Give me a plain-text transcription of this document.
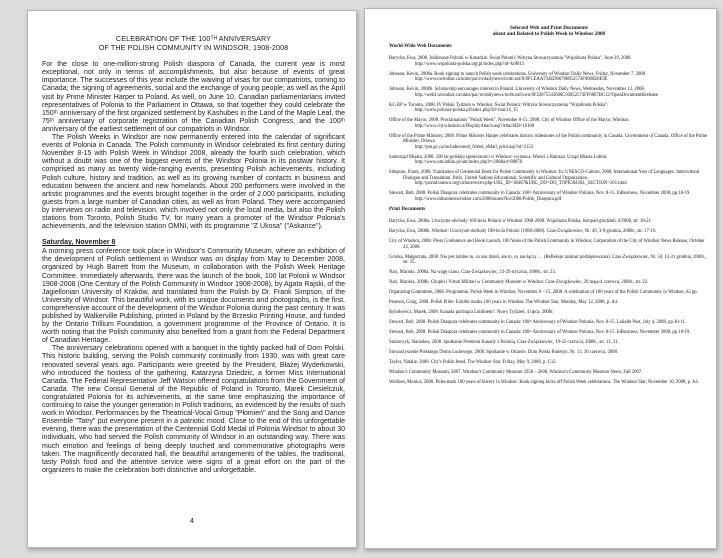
CELEBRATION OF THE 100ᵀᴴ ANNIVERSARY
OF THE POLISH COMMUNITY IN WINDSOR, 1908-2008
For the close to one-million-strong Polish diaspora of Canada, the current year is most exceptional, not only in terms of accomplishments, but also because of events of great importance. The successes of this year include the waiving of visas for our compatriots, coming to Canada; the signing of agreements, social and the exchange of young people; as well as the April visit by Prime Minister Harper to Poland. As well, on June 10, Canadian parliamentarians invited representatives of Polonia to the Parliament in Ottawa, so that together they could celebrate the 150ᵗʰ anniversary of the first organized settlement by Kashubes in the Land of the Maple Leaf, the 75ᵗʰ anniversary of corporate registration of the Canadian Polish Congress, and the 100ᵗʰ anniversary of the earliest settlement of our compatriots in Windsor.
The Polish Weeks in Windsor are now permanently entered into the calendar of significant events of Polonia in Canada. The Polish community in Windsor celebrated its first century during November 8-15 with Polish Week in Windsor 2008, already the fourth such celebration, which without a doubt was one of the biggest events of the Windsor Polonia in its postwar history. It comprised as many as twenty wide-ranging events, presenting Polish achievements, including Polish culture, history and tradition, as well as its growing number of contacts in business and education between the ancient and new homelands. About 200 performers were involved in the artistic programmes and the events brought together in the order of 2,000 participants, including guests from a large number of Canadian cities, as well as from Poland. They were accompanied by interviews on radio and television, which involved not only the local media, but also the Polish stations from Toronto, Polish Studio TV, for many years a promoter of the Windsor Polonia's achievements, and the television station OMNI, with its programme "Z Ukosa" ("Askance").
Saturday, November 8
A morning press conference took place in Windsor's Community Museum, where an exhibition of the development of Polish settlement in Windsor was on display from May to December 2008, organized by Hugh Barrett from the Museum, in collaboration with the Polish Week Heritage Committee. Immediately afterwards, there was the launch of the book, 100 lat Polonii w Windsor 1908-2008 (One Century of the Polish Community in Windsor 1908-2008), by Agata Rajski, of the Jagiellonian University of Kraków, and translated from the Polish by Dr. Frank Simpson, of the University of Windsor. This beautiful work, with its unique documents and photographs, is the first, comprehensive account of the development of the Windsor Polonia during the past century. It was published by Walkerville Publishing, printed in Poland by the Brzesko Printing House, and funded by the Ontario Trillium Foundation, a government programme of the Province of Ontario. It is worth noting that the Polish community also benefited from a grant from the Federal Department of Canadian Heritage.
The anniversary celebrations opened with a banquet in the tightly packed hall of Dom Polski. This historic building, serving the Polish community continually from 1930, was with great care renovated several years ago. Participants were greeted by the President, Błażej Wyderkowski, who introduced the hostess of the gathering, Katarzyna Dziedzic, a former Miss International Canada. The Federal Representative Jeff Watson offered congratulations from the Government of Canada. The new Consul General of the Republic of Poland in Toronto, Marek Ciesielczuk, congratulated Polonia for its achievements, at the same time emphasizing the importance of continuing to raise the younger generation in Polish traditions, as evidenced by the results of such work in Windsor. Performances by the Theatrical-Vocal Group "Płomień" and the Song and Dance Ensemble "Tatry" put everyone present in a patriotic mood. Close to the end of this unforgettable evening, there was the presentation of the Centennial Gold Medal of Polonia Windsor to about 30 individuals, who had served the Polish community of Windsor in an outstanding way. There was much emotion and feelings of being deeply touched and commemorative photographs were taken. The magnificently decorated hall, the beautiful arrangements of the tables, the traditional, tasty Polish food and the attentive service were signs of a great effort on the part of the organizers to make the celebration both distinctive and unforgettable.
4
Selected Web and Print Documents
about and Related to Polish Week in Windsor 2008
World-Wide Web Documents
Barycka, Ewa, 2008. Jubileusze Polonii w Kanadzie. Świat Polonii: Witryna Stowarzyszenia "Wspólnota Polska", June 29, 2008.
http://www.wspolnota-polska.org.pl/index.php?id=kr8013
Johnson, Kevin, 2008a. Book signing to launch Polish week celebrations. University of Windsor Daily News, Friday, November 7, 2008.
http://www.uwindsor.ca/units/pac/nvdailynews/nvdn.nsf/0/8FCEAA734ED66786852574F9006E0E9E
Johnson, Kevin, 2008b. Scholarship encourages interest in Poland. University of Windsor Daily News, Wednesday, November 12, 2008.
http://web4.uwindsor.ca/units/pac/nvdailynews/nvdn.nsf/own/8F22075543606C93852574FF0067BC12?OpenDocument&release
KG RP w Toronto, 2008. IV Polski Tydzień w Windsor. Świat Polonii: Witryna Stowarzyszenia "Wspólnota Polska".
http://www.polonia-polska.pl/index.php?id=maz14_15
Office of the Mayor, 2008. Proclamations "Polish Week", November 8-15, 2008. City of Windsor Office of the Mayor, Windsor.
http://www.citywindsor.ca/DisplayAttach.asp?AttachID=10100
Office of the Prime Minister, 2008. Prime Minister Harper celebrates historic milestones of the Polish community in Canada. Government of Canada, Office of the Prime Minister, Ottawa.
http://pm.gc.ca/includes/send_friend_eMail_print.asp?id=2153
Samorząd Miasta, 2008. 100 lat polskiej społeczności w Windsor- wystawa. Wieści z Ratusza. Urząd Miasta Lublin.
http://www.um.lublin.pl/um/index.php?t=200&id=80870
Simpson, Frank, 2008. Translation of Centennial Book for Polish Community in Windsor. In: UNESCO-Culture, 2008, International Year of Languages: Intercultural Dialogue and Translation. Paris, United Nations Educational, Scientific and Cultural Organization.
http://portal.unesco.org/culture/en/ev.php-URL_ID=38487&URL_DO=DO_TOPIC&URL_SECTION=201.html
Stewart, Bob, 2008. Polish Diaspora celebrates community in Canada: 100ᵗʰ Anniversary of Windsor Polonia, Nov. 8-15. InBusiness, November 2008, pp.18-19.
http://www.inbusinesswindsor.com/2008issues/Nov2008/Polish_Diaspora.pdf
Print Documents
Barycka, Ewa, 2008a. Uroczyste obchody 100-lecia Polonii w Windsor 1908-2008. Wspólnota Polska, listopad-grudzień, 6/2008, str. 16-21.
Barycka, Ewa, 2008b. Windsor: Uroczyste obchody 100-lecia Polonii (1908-2008). Czas-Związkowiec, Nr. 49, 3-9 grudnia, 2008r., str. 17-19.
City of Windsor, 2008. Press Conference and Book Launch, 100 Years of the Polish Community in Windsor, Corporation of the City of Windsor News Release, October 24, 2008.
Górska, Małgorzata, 2008. Nie jest istotne to, co nas dzieli, ale to, co nas łączy … (Refleksje zamiast podziękowania). Czas-Związkowiec, Nr. 50, 12-31 grudnia, 2008r., str. 35.
Nari, Mariola, 2008a. Na wagę czasu. Czas-Związkowiec, 23-29 stycznia, 2008r., str. 23.
Nari, Mariola, 2008b. Chopin i Virtuti Militari w Community Museum w Windsor. Czas-Związkowiec, 29 maja-4 czerwca, 2008r., str. 22.
Organizing Committee, 2008. Programme, Polish Week in Windsor, November 8 – 15, 2008. A celebration of 100 years of the Polish Community in Windsor, 62 pp.
Pearson, Craig, 2008. Polish Pride: Exhibit marks 100 years in Windsor. The Windsor Star, Monday, May 12, 2008, p. A4.
Rybołowicz, Marek, 2008. Kanada pachnąca Lublinem?. Nowy Tydzień, 4 lipca, 2008r.
Stewart, Bob, 2008. Polish Diaspora celebrates community in Canada: 100ᵗʰ Anniversary of Windsor Polonia, Nov. 8-15. LaSalle Post, July 4, 2008, pp.10-11.
Stewart, Bob, 2008. Polish Diaspora celebrates community in Canada: 100ᵗʰ Anniversary of Windsor Polonia, Nov. 8-15. InBusiness, November 2008, pp.18-19.
Stolarczyk, Stanisław, 2008. Spotkanie Premiera Kanady z Polonią. Czas-Związkowiec, 19-25 czerwca, 2008r., str. 11, 31.
Stowarzyszenie Polskiego Domu Ludowego, 2008. Spotkanie w Ottawie. Dom Polski Biuletyn, Nr. 13, 30 czerwca, 2008.
Taylor, Natalie, 2008. City's Polish feted. The Windsor Star, Friday, May 9, 2008, p. C12.
Windsor's Community Museum, 2007. Windsor's Community Museum 1958 – 2008, Windsor's Community Museum News, Fall 2007.
Wolfson, Monica, 2008. Poles mark 100 years of history in Windsor: Book signing kicks off Polish Week celebrations. The Windsor Star, November 10, 2008, p. A4.
